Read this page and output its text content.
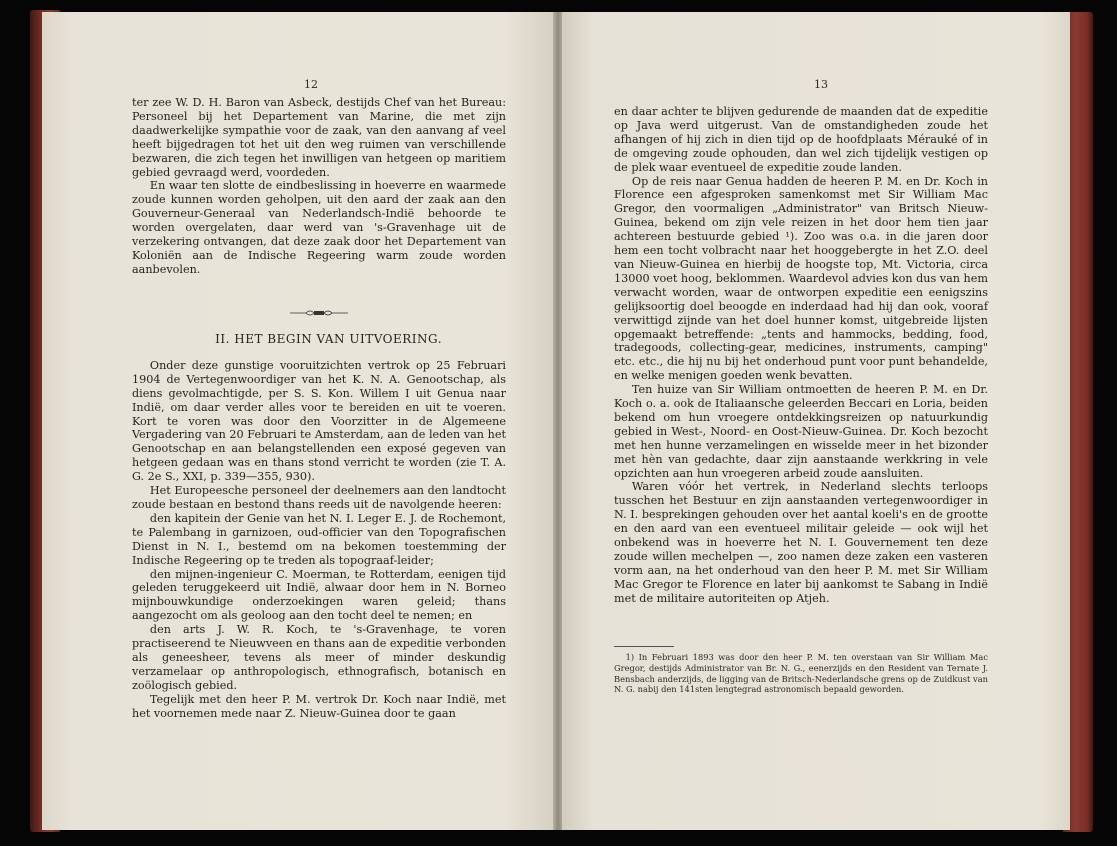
12

ter zee W. D. H. Baron van Asbeck, destijds Chef van het Bureau: Personeel bij het Departement van Marine, die met zijn daadwerkelijke sympathie voor de zaak, van den aanvang af veel heeft bijgedragen tot het uit den weg ruimen van verschillende bezwaren, die zich tegen het inwilligen van hetgeen op maritiem gebied gevraagd werd, voordeden.

En waar ten slotte de eindbeslissing in hoeverre en waarmede zoude kunnen worden geholpen, uit den aard der zaak aan den Gouverneur-Generaal van Nederlandsch-Indië behoorde te worden overgelaten, daar werd van 's-Gravenhage uit de verzekering ontvangen, dat deze zaak door het Departement van Koloniën aan de Indische Regeering warm zoude worden aanbevolen.

II. HET BEGIN VAN UITVOERING.

Onder deze gunstige vooruitzichten vertrok op 25 Februari 1904 de Vertegenwoordiger van het K. N. A. Genootschap, als diens gevolmachtigde, per S. S. Kon. Willem I uit Genua naar Indië, om daar verder alles voor te bereiden en uit te voeren. Kort te voren was door den Voorzitter in de Algemeene Vergadering van 20 Februari te Amsterdam, aan de leden van het Genootschap en aan belangstellenden een exposé gegeven van hetgeen gedaan was en thans stond verricht te worden (zie T. A. G. 2e S., XXI, p. 339—355, 930).

Het Europeesche personeel der deelnemers aan den landtocht zoude bestaan en bestond thans reeds uit de navolgende heeren:

den kapitein der Genie van het N. I. Leger E. J. de Rochemont, te Palembang in garnizoen, oud-officier van den Topografischen Dienst in N. I., bestemd om na bekomen toestemming der Indische Regeering op te treden als topograaf-leider;

den mijnen-ingenieur C. Moerman, te Rotterdam, eenigen tijd geleden teruggekeerd uit Indië, alwaar door hem in N. Borneo mijnbouwkundige onderzoekingen waren geleid; thans aangezocht om als geoloog aan den tocht deel te nemen; en

den arts J. W. R. Koch, te 's-Gravenhage, te voren practiseerend te Nieuwveen en thans aan de expeditie verbonden als geneesheer, tevens als meer of minder deskundig verzamelaar op anthropologisch, ethnografisch, botanisch en zoölogisch gebied.

Tegelijk met den heer P. M. vertrok Dr. Koch naar Indië, met het voornemen mede naar Z. Nieuw-Guinea door te gaan

13

en daar achter te blijven gedurende de maanden dat de expeditie op Java werd uitgerust. Van de omstandigheden zoude het afhangen of hij zich in dien tijd op de hoofdplaats Mérauké of in de omgeving zoude ophouden, dan wel zich tijdelijk vestigen op de plek waar eventueel de expeditie zoude landen.

Op de reis naar Genua hadden de heeren P. M. en Dr. Koch in Florence een afgesproken samenkomst met Sir William Mac Gregor, den voormaligen „Administrator" van Britsch Nieuw-Guinea, bekend om zijn vele reizen in het door hem tien jaar achtereen bestuurde gebied ¹). Zoo was o.a. in die jaren door hem een tocht volbracht naar het hooggebergte in het Z.O. deel van Nieuw-Guinea en hierbij de hoogste top, Mt. Victoria, circa 13000 voet hoog, beklommen. Waardevol advies kon dus van hem verwacht worden, waar de ontworpen expeditie een eenigszins gelijksoortig doel beoogde en inderdaad had hij dan ook, vooraf verwittigd zijnde van het doel hunner komst, uitgebreide lijsten opgemaakt betreffende: „tents and hammocks, bedding, food, tradegoods, collecting-gear, medicines, instruments, camping" etc. etc., die hij nu bij het onderhoud punt voor punt behandelde, en welke menigen goeden wenk bevatten.

Ten huize van Sir William ontmoetten de heeren P. M. en Dr. Koch o. a. ook de Italiaansche geleerden Beccari en Loria, beiden bekend om hun vroegere ontdekkingsreizen op natuurkundig gebied in West-, Noord- en Oost-Nieuw-Guinea. Dr. Koch bezocht met hen hunne verzamelingen en wisselde meer in het bizonder met hèn van gedachte, daar zijn aanstaande werkkring in vele opzichten aan hun vroegeren arbeid zoude aansluiten.

Waren vóór het vertrek, in Nederland slechts terloops tusschen het Bestuur en zijn aanstaanden vertegenwoordiger in N. I. besprekingen gehouden over het aantal koeli's en de grootte en den aard van een eventueel militair geleide — ook wijl het onbekend was in hoeverre het N. I. Gouvernement ten deze zoude willen mechelpen —, zoo namen deze zaken een vasteren vorm aan, na het onderhoud van den heer P. M. met Sir William Mac Gregor te Florence en later bij aankomst te Sabang in Indië met de militaire autoriteiten op Atjeh.

1) In Februari 1893 was door den heer P. M. ten overstaan van Sir William Mac Gregor, destijds Administrator van Br. N. G., eenerzijds en den Resident van Ternate J. Bensbach anderzijds, de ligging van de Britsch-Nederlandsche grens op de Zuidkust van N. G. nabij den 141sten lengtegrad astronomisch bepaald geworden.
